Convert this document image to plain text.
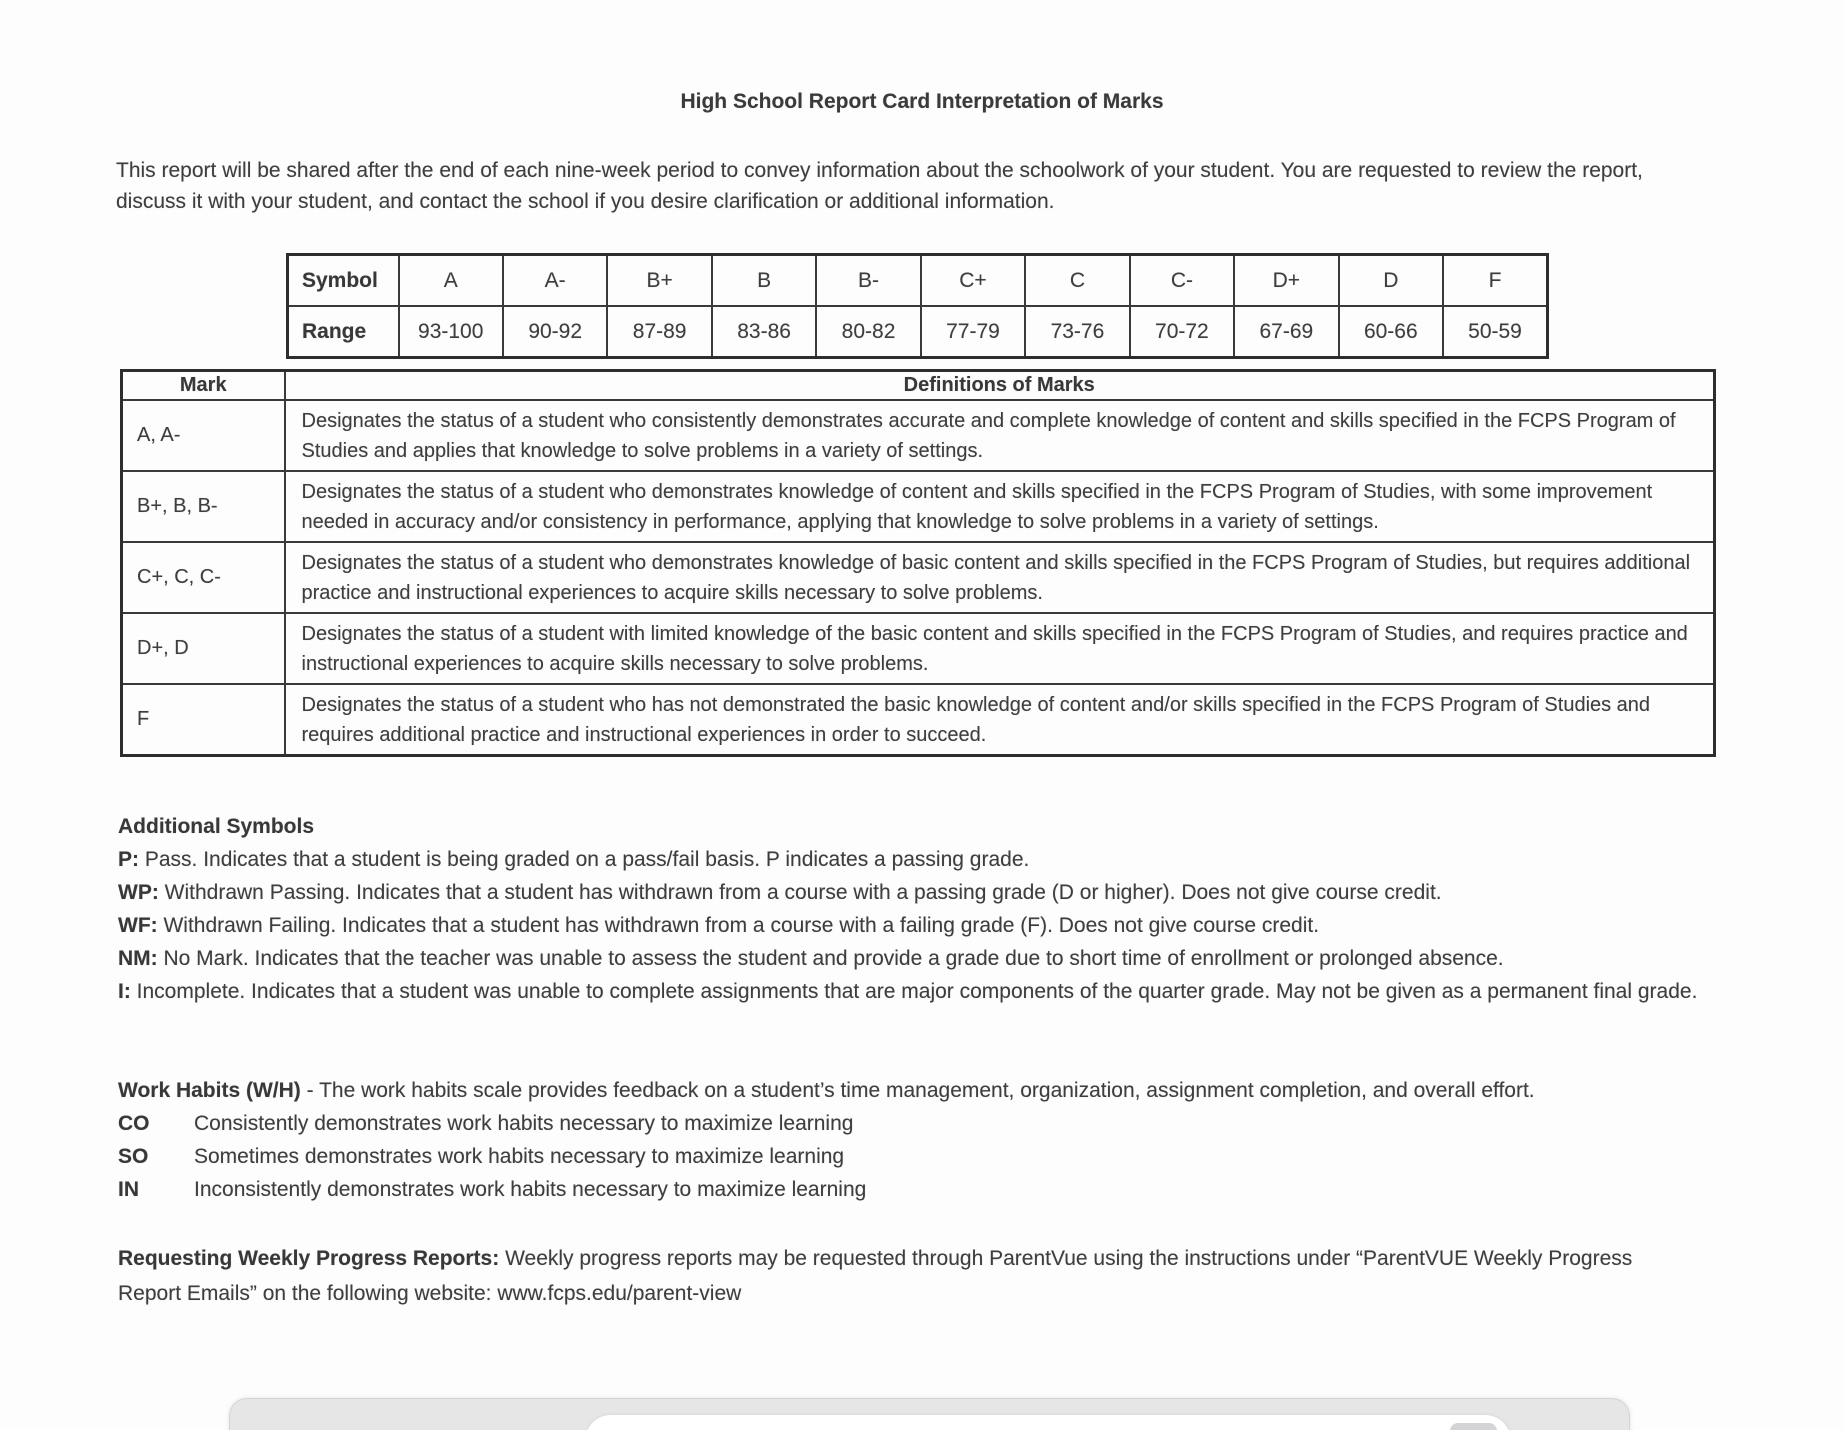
High School Report Card Interpretation of Marks

This report will be shared after the end of each nine-week period to convey information about the schoolwork of your student. You are requested to review the report, discuss it with your student, and contact the school if you desire clarification or additional information.

Symbol	A	A-	B+	B	B-	C+	C	C-	D+	D	F
Range	93-100	90-92	87-89	83-86	80-82	77-79	73-76	70-72	67-69	60-66	50-59
Mark	Definitions of Marks
A, A-	Designates the status of a student who consistently demonstrates accurate and complete knowledge of content and skills specified in the FCPS Program of Studies and applies that knowledge to solve problems in a variety of settings.
B+, B, B-	Designates the status of a student who demonstrates knowledge of content and skills specified in the FCPS Program of Studies, with some improvement needed in accuracy and/or consistency in performance, applying that knowledge to solve problems in a variety of settings.
C+, C, C-	Designates the status of a student who demonstrates knowledge of basic content and skills specified in the FCPS Program of Studies, but requires additional practice and instructional experiences to acquire skills necessary to solve problems.
D+, D	Designates the status of a student with limited knowledge of the basic content and skills specified in the FCPS Program of Studies, and requires practice and instructional experiences to acquire skills necessary to solve problems.
F	Designates the status of a student who has not demonstrated the basic knowledge of content and/or skills specified in the FCPS Program of Studies and requires additional practice and instructional experiences in order to succeed.

Additional Symbols

P: Pass. Indicates that a student is being graded on a pass/fail basis. P indicates a passing grade.

WP: Withdrawn Passing. Indicates that a student has withdrawn from a course with a passing grade (D or higher). Does not give course credit.

WF: Withdrawn Failing. Indicates that a student has withdrawn from a course with a failing grade (F). Does not give course credit.

NM: No Mark. Indicates that the teacher was unable to assess the student and provide a grade due to short time of enrollment or prolonged absence.

I: Incomplete. Indicates that a student was unable to complete assignments that are major components of the quarter grade. May not be given as a permanent final grade.

Work Habits (W/H) - The work habits scale provides feedback on a student’s time management, organization, assignment completion, and overall effort.

CO	Consistently demonstrates work habits necessary to maximize learning
SO	Sometimes demonstrates work habits necessary to maximize learning
IN	Inconsistently demonstrates work habits necessary to maximize learning

Requesting Weekly Progress Reports: Weekly progress reports may be requested through ParentVue using the instructions under “ParentVUE Weekly Progress Report Emails” on the following website: www.fcps.edu/parent-view
